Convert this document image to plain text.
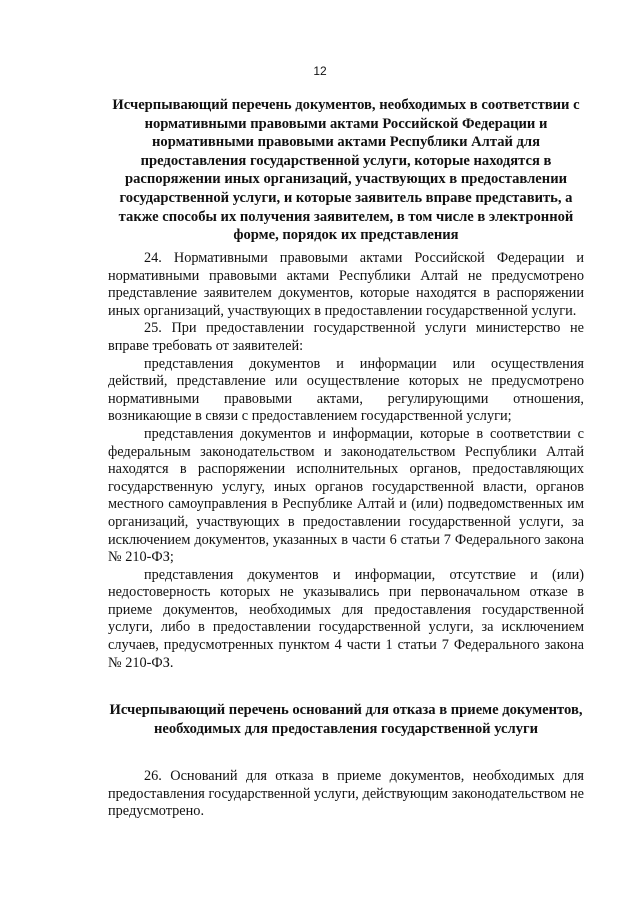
12
Исчерпывающий перечень документов, необходимых в соответствии с нормативными правовыми актами Российской Федерации и нормативными правовыми актами Республики Алтай для предоставления государственной услуги, которые находятся в распоряжении иных организаций, участвующих в предоставлении государственной услуги, и которые заявитель вправе представить, а также способы их получения заявителем, в том числе в электронной форме, порядок их представления

24. Нормативными правовыми актами Российской Федерации и нормативными правовыми актами Республики Алтай не предусмотрено представление заявителем документов, которые находятся в распоряжении иных организаций, участвующих в предоставлении государственной услуги.

25. При предоставлении государственной услуги министерство не вправе требовать от заявителей:

представления документов и информации или осуществления действий, представление или осуществление которых не предусмотрено нормативными правовыми актами, регулирующими отношения, возникающие в связи с предоставлением государственной услуги;

представления документов и информации, которые в соответствии с федеральным законодательством и законодательством Республики Алтай находятся в распоряжении исполнительных органов, предоставляющих государственную услугу, иных органов государственной власти, органов местного самоуправления в Республике Алтай и (или) подведомственных им организаций, участвующих в предоставлении государственной услуги, за исключением документов, указанных в части 6 статьи 7 Федерального закона № 210-ФЗ;

представления документов и информации, отсутствие и (или) недостоверность которых не указывались при первоначальном отказе в приеме документов, необходимых для предоставления государственной услуги, либо в предоставлении государственной услуги, за исключением случаев, предусмотренных пунктом 4 части 1 статьи 7 Федерального закона № 210-ФЗ.

Исчерпывающий перечень оснований для отказа в приеме документов, необходимых для предоставления государственной услуги

26. Оснований для отказа в приеме документов, необходимых для предоставления государственной услуги, действующим законодательством не предусмотрено.
